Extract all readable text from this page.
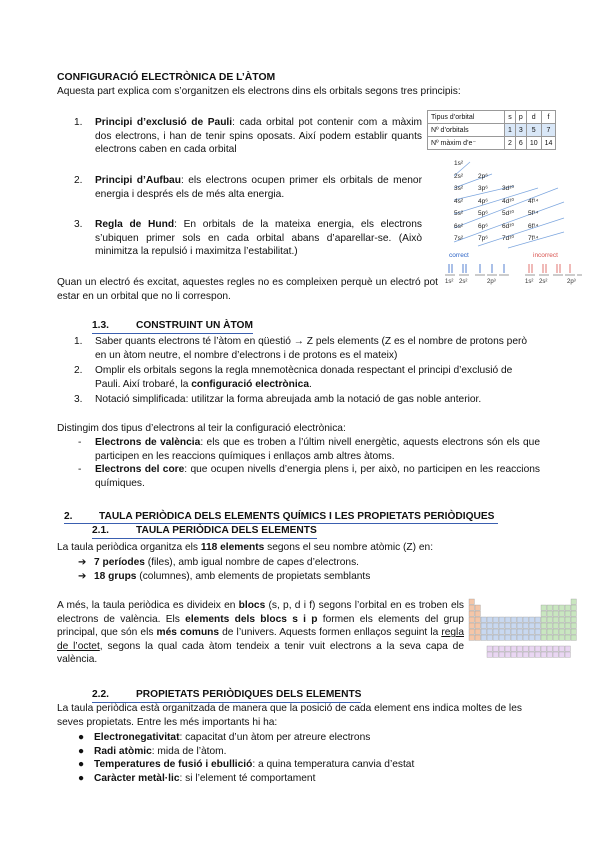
CONFIGURACIÓ ELECTRÒNICA DE L’ÀTOM
Aquesta part explica com s’organitzen els electrons dins els orbitals segons tres principis:
1.	Principi d’exclusió de Pauli: cada orbital pot contenir com a màxim dos electrons, i han de tenir spins oposats. Així podem establir quants electrons caben en cada orbital
2.	Principi d’Aufbau: els electrons ocupen primer els orbitals de menor energia i després els de més alta energia.
3.	Regla de Hund: En orbitals de la mateixa energia, els electrons s’ubiquen primer sols en cada orbital abans d’aparellar-se. (Això minimitza la repulsió i maximitza l’estabilitat.)
Quan un electró és excitat, aquestes regles no es compleixen perquè un electró pot estar en un orbital que no li correspon.
Tipus d’orbital	s	p	d	f
Nº d’orbitals	1	3	5	7
Nº màxim d’e⁻	2	6	10	14
1s²
2s² 2p⁶
3s² 3p⁶ 3d¹⁰
4s² 4p⁶ 4d¹⁰ 4f¹⁴
5s² 5p⁶ 5d¹⁰ 5f¹⁴
6s² 6p⁶ 6d¹⁰ 6f¹⁴
7s² 7p⁶ 7d¹⁰ 7f¹⁴
correct	incorrect
1s² 2s²	2p³	1s² 2s²	2p³
1.3.	CONSTRUINT UN ÀTOM
1. Saber quants electrons té l’àtom en qüestió → Z pels elements (Z es el nombre de protons però en un àtom neutre, el nombre d’electrons i de protons es el mateix)
2. Omplir els orbitals segons la regla mnemotècnica donada respectant el principi d’exclusió de Pauli. Així trobaré, la configuració electrònica.
3. Notació simplificada: utilitzar la forma abreujada amb la notació de gas noble anterior.
Distingim dos tipus d’electrons al teir la configuració electrònica:
- Electrons de valència: els que es troben a l’últim nivell energètic, aquests electrons són els que participen en les reaccions químiques i enllaços amb altres àtoms.
- Electrons del core: que ocupen nivells d’energia plens i, per això, no participen en les reaccions químiques.
2.	TAULA PERIÒDICA DELS ELEMENTS QUÍMICS I LES PROPIETATS PERIÒDIQUES
2.1.	TAULA PERIÒDICA DELS ELEMENTS
La taula periòdica organitza els 118 elements segons el seu nombre atòmic (Z) en:
➔ 7 períodes (files), amb igual nombre de capes d’electrons.
➔ 18 grups (columnes), amb elements de propietats semblants
A més, la taula periòdica es divideix en blocs (s, p, d i f) segons l’orbital en es troben els electrons de valència. Els elements dels blocs s i p formen els elements del grup principal, que són els més comuns de l’univers. Aquests formen enllaços seguint la regla de l’octet, segons la qual cada àtom tendeix a tenir vuit electrons a la seva capa de valència.
2.2.	PROPIETATS PERIÒDIQUES DELS ELEMENTS
La taula periòdica està organitzada de manera que la posició de cada element ens indica moltes de les seves propietats. Entre les més importants hi ha:
● Electronegativitat: capacitat d’un àtom per atreure electrons
● Radi atòmic: mida de l’àtom.
● Temperatures de fusió i ebullició: a quina temperatura canvia d’estat
● Caràcter metàl·lic: si l’element té comportament
